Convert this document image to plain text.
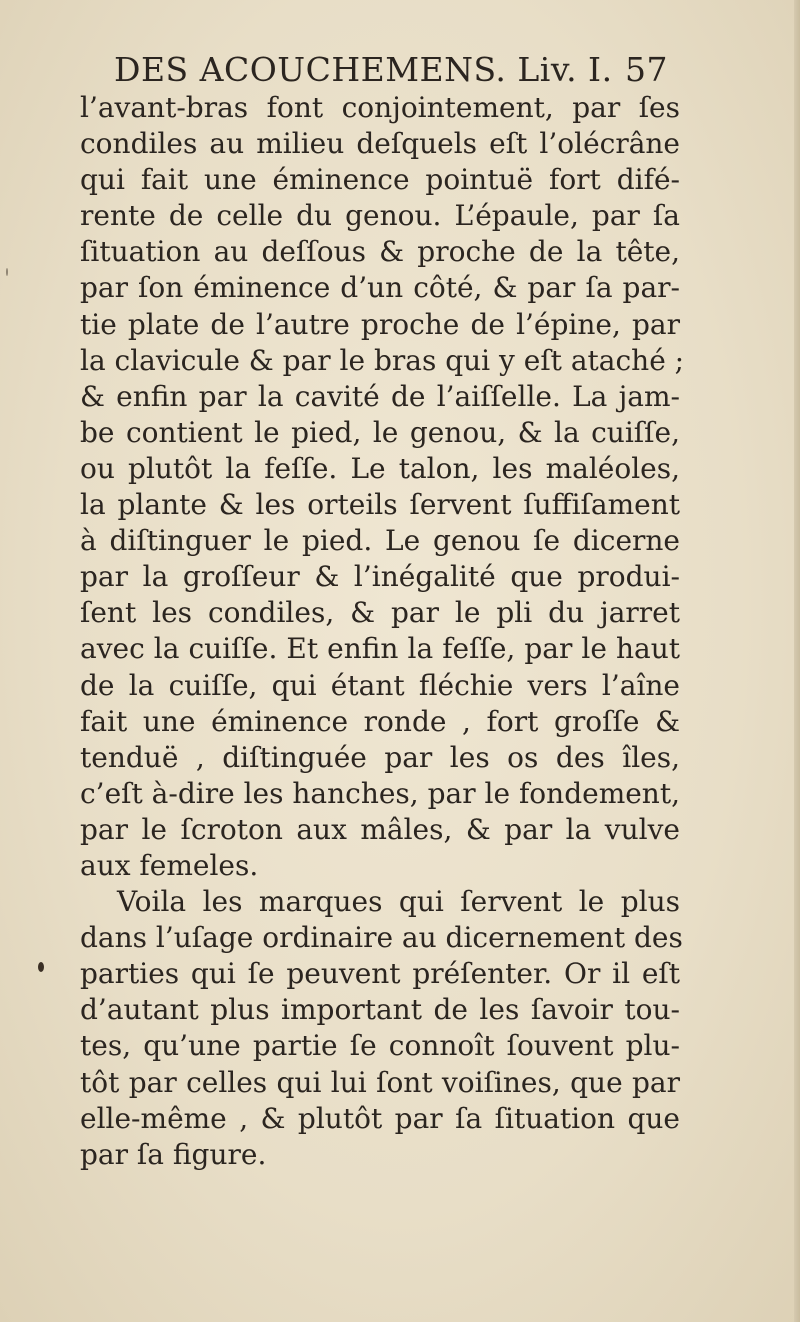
DES ACOUCHEMENS. Liv. I. 57
l’avant-bras font conjointement, par ſes
condiles au milieu deſquels eſt l’olécrâne
qui fait une éminence pointuë fort difé-
rente de celle du genou. L’épaule, par ſa
ſituation au deſſous & proche de la tête,
par ſon éminence d’un côté, & par ſa par-
tie plate de l’autre proche de l’épine, par
la clavicule & par le bras qui y eſt ataché ;
& enfin par la cavité de l’aiſſelle. La jam-
be contient le pied, le genou, & la cuiſſe,
ou plutôt la feſſe. Le talon, les maléoles,
la plante & les orteils ſervent ſuffiſament
à diſtinguer le pied. Le genou ſe dicerne
par la groſſeur & l’inégalité que produi-
ſent les condiles, & par le pli du jarret
avec la cuiſſe. Et enfin la feſſe, par le haut
de la cuiſſe, qui étant fléchie vers l’aîne
fait une éminence ronde , fort groſſe &
tenduë , diſtinguée par les os des îles,
c’eſt à-dire les hanches, par le fondement,
par le ſcroton aux mâles, & par la vulve
aux femeles.
Voila les marques qui ſervent le plus
dans l’uſage ordinaire au dicernement des
parties qui ſe peuvent préſenter. Or il eſt
d’autant plus important de les ſavoir tou-
tes, qu’une partie ſe connoît ſouvent plu-
tôt par celles qui lui ſont voiſines, que par
elle-même , & plutôt par ſa ſituation que
par ſa figure.
